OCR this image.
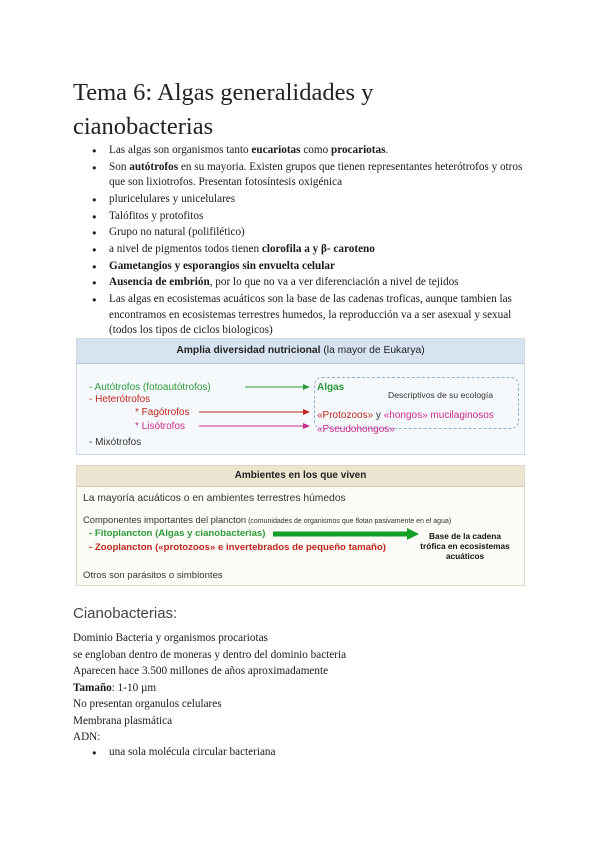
Tema 6: Algas generalidades y cianobacterias
● Las algas son organismos tanto eucariotas como procariotas.
● Son autótrofos en su mayoria. Existen grupos que tienen representantes heterótrofos y otros que son lixiotrofos. Presentan fotosíntesis oxigénica
● pluricelulares y unicelulares
● Talófitos y protofitos
● Grupo no natural (polifilético)
● a nivel de pigmentos todos tienen clorofila a y β- caroteno
● Gametangios y esporangios sin envuelta celular
● Ausencia de embrión, por lo que no va a ver diferenciación a nivel de tejidos
● Las algas en ecosistemas acuáticos son la base de las cadenas troficas, aunque tambien las encontramos en ecosistemas terrestres humedos, la reproducción va a ser asexual y sexual (todos los tipos de ciclos biologicos)
Amplia diversidad nutricional (la mayor de Eukarya)
- Autótrofos (fotoautótrofos)
- Heterótrofos
* Fagótrofos
* Lisótrofos
- Mixótrofos
Algas
Descriptivos de su ecología
«Protozoos» y «hongos» mucilaginosos
«Pseudohongos»
Ambientes en los que viven
La mayoría acuáticos o en ambientes terrestres húmedos
Componentes importantes del plancton (comunidades de organismos que flotan pasivamente en el agua)
- Fitoplancton (Algas y cianobacterias)
- Zooplancton («protozoos» e invertebrados de pequeño tamaño)
Base de la cadena trófica en ecosistemas acuáticos
Otros son parásitos o simbiontes
Cianobacterias:
Dominio Bacteria y organismos procariotas
se engloban dentro de moneras y dentro del dominio bacteria
Aparecen hace 3.500 millones de años aproximadamente
Tamaño: 1-10 µm
No presentan organulos celulares
Membrana plasmática
ADN:
● una sola molécula circular bacteriana
